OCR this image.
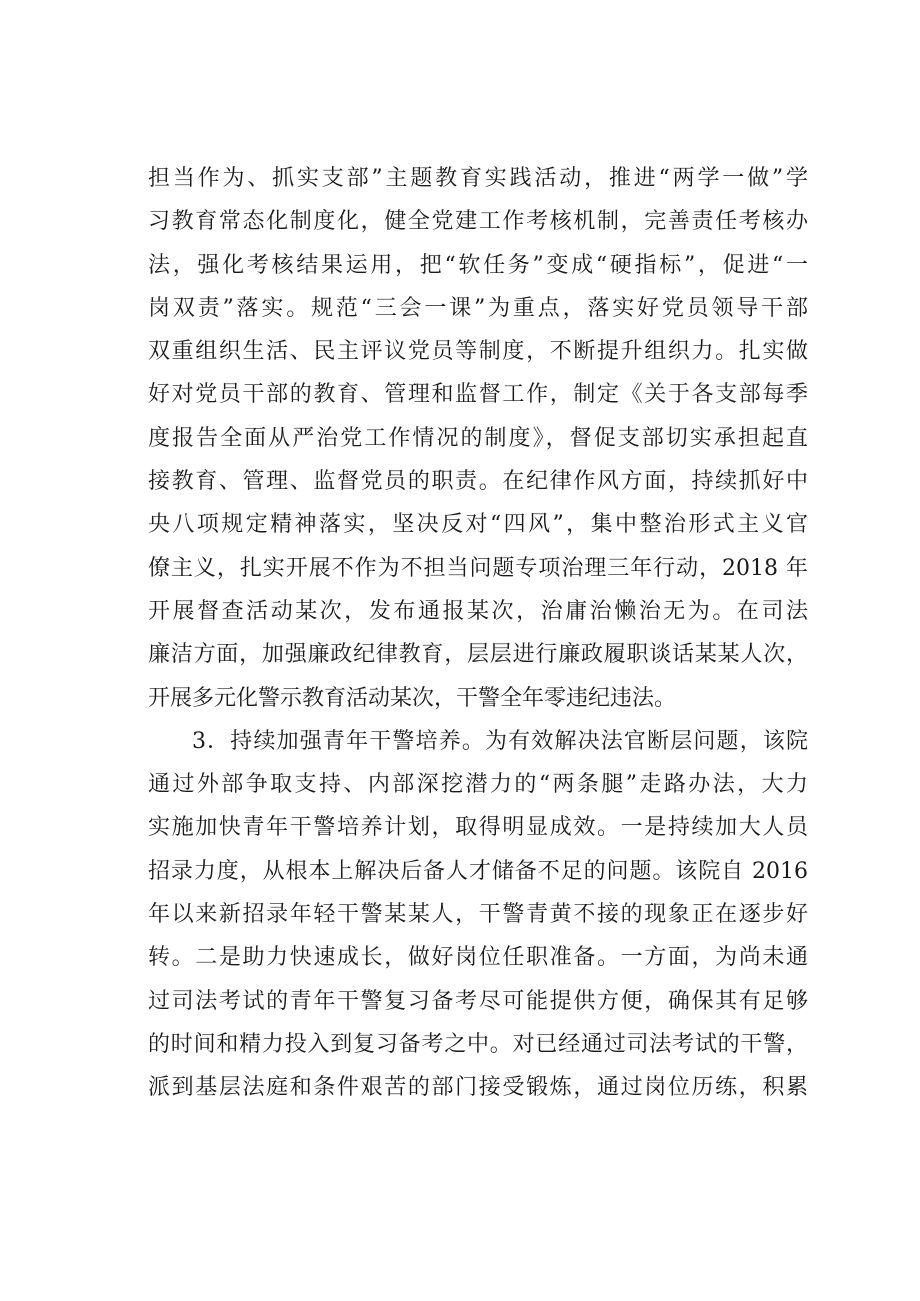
担当作为、抓实支部”主题教育实践活动，推进“两学一做”学
习教育常态化制度化，健全党建工作考核机制，完善责任考核办
法，强化考核结果运用，把“软任务”变成“硬指标”，促进“一
岗双责”落实。规范“三会一课”为重点，落实好党员领导干部
双重组织生活、民主评议党员等制度，不断提升组织力。扎实做
好对党员干部的教育、管理和监督工作，制定《关于各支部每季
度报告全面从严治党工作情况的制度》，督促支部切实承担起直
接教育、管理、监督党员的职责。在纪律作风方面，持续抓好中
央八项规定精神落实，坚决反对“四风”，集中整治形式主义官
僚主义，扎实开展不作为不担当问题专项治理三年行动，2018 年
开展督查活动某次，发布通报某次，治庸治懒治无为。在司法
廉洁方面，加强廉政纪律教育，层层进行廉政履职谈话某某人次，
开展多元化警示教育活动某次，干警全年零违纪违法。
3．持续加强青年干警培养。为有效解决法官断层问题，该院
通过外部争取支持、内部深挖潜力的“两条腿”走路办法，大力
实施加快青年干警培养计划，取得明显成效。一是持续加大人员
招录力度，从根本上解决后备人才储备不足的问题。该院自 2016
年以来新招录年轻干警某某人，干警青黄不接的现象正在逐步好
转。二是助力快速成长，做好岗位任职准备。一方面，为尚未通
过司法考试的青年干警复习备考尽可能提供方便，确保其有足够
的时间和精力投入到复习备考之中。对已经通过司法考试的干警，
派到基层法庭和条件艰苦的部门接受锻炼，通过岗位历练，积累
